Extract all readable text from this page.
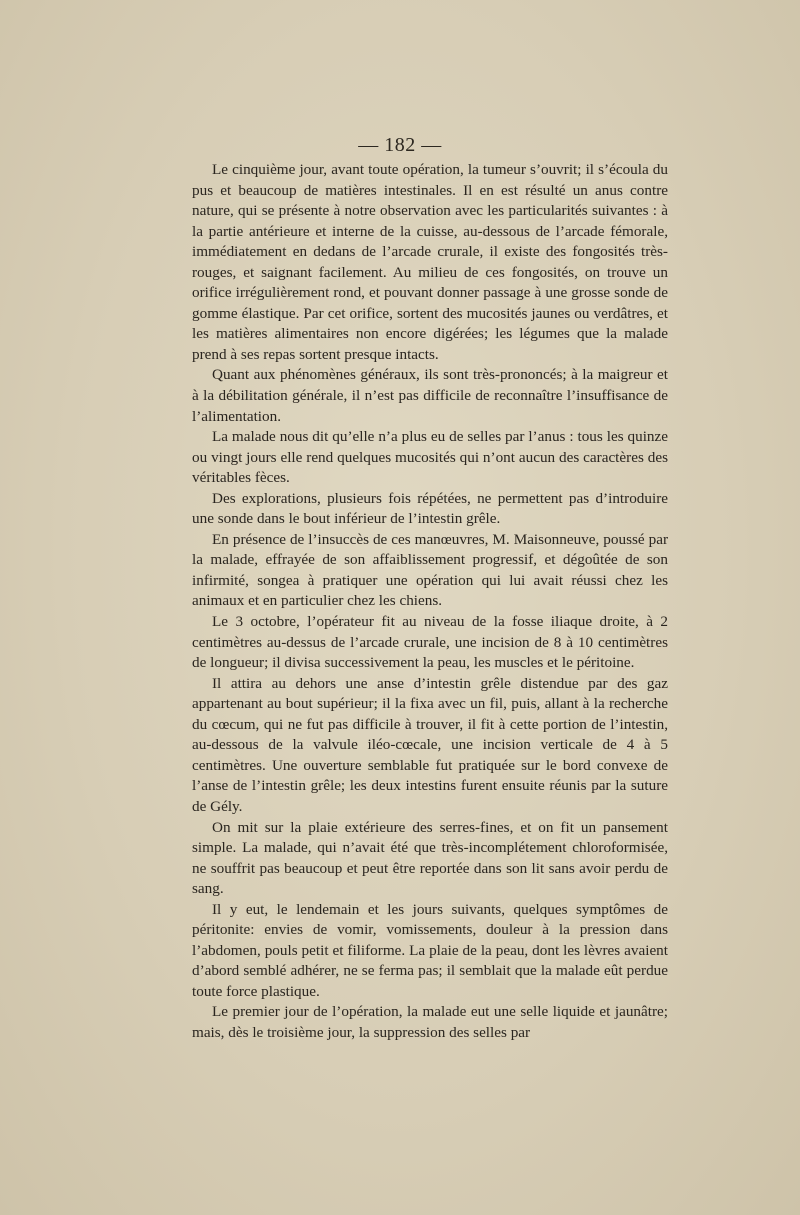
— 182 —

Le cinquième jour, avant toute opération, la tumeur s’ouvrit; il s’écoula du pus et beaucoup de matières intestinales. Il en est résulté un anus contre nature, qui se présente à notre observation avec les particularités suivantes : à la partie antérieure et interne de la cuisse, au-dessous de l’arcade fémorale, immédiatement en dedans de l’arcade crurale, il existe des fongosités très-rouges, et saignant facilement. Au milieu de ces fongosités, on trouve un orifice irrégulièrement rond, et pouvant donner passage à une grosse sonde de gomme élastique. Par cet orifice, sortent des mucosités jaunes ou verdâtres, et les matières alimentaires non encore digérées; les légumes que la malade prend à ses repas sortent presque intacts.

Quant aux phénomènes généraux, ils sont très-prononcés; à la maigreur et à la débilitation générale, il n’est pas difficile de reconnaître l’insuffisance de l’alimentation.

La malade nous dit qu’elle n’a plus eu de selles par l’anus : tous les quinze ou vingt jours elle rend quelques mucosités qui n’ont aucun des caractères des véritables fèces.

Des explorations, plusieurs fois répétées, ne permettent pas d’introduire une sonde dans le bout inférieur de l’intestin grêle.

En présence de l’insuccès de ces manœuvres, M. Maisonneuve, poussé par la malade, effrayée de son affaiblissement progressif, et dégoûtée de son infirmité, songea à pratiquer une opération qui lui avait réussi chez les animaux et en particulier chez les chiens.

Le 3 octobre, l’opérateur fit au niveau de la fosse iliaque droite, à 2 centimètres au-dessus de l’arcade crurale, une incision de 8 à 10 centimètres de longueur; il divisa successivement la peau, les muscles et le péritoine.

Il attira au dehors une anse d’intestin grêle distendue par des gaz appartenant au bout supérieur; il la fixa avec un fil, puis, allant à la recherche du cœcum, qui ne fut pas difficile à trouver, il fit à cette portion de l’intestin, au-dessous de la valvule iléo-cœcale, une incision verticale de 4 à 5 centimètres. Une ouverture semblable fut pratiquée sur le bord convexe de l’anse de l’intestin grêle; les deux intestins furent ensuite réunis par la suture de Gély.

On mit sur la plaie extérieure des serres-fines, et on fit un pansement simple. La malade, qui n’avait été que très-incomplétement chloroformisée, ne souffrit pas beaucoup et peut être reportée dans son lit sans avoir perdu de sang.

Il y eut, le lendemain et les jours suivants, quelques symptômes de péritonite: envies de vomir, vomissements, douleur à la pression dans l’abdomen, pouls petit et filiforme. La plaie de la peau, dont les lèvres avaient d’abord semblé adhérer, ne se ferma pas; il semblait que la malade eût perdue toute force plastique.

Le premier jour de l’opération, la malade eut une selle liquide et jaunâtre; mais, dès le troisième jour, la suppression des selles par
